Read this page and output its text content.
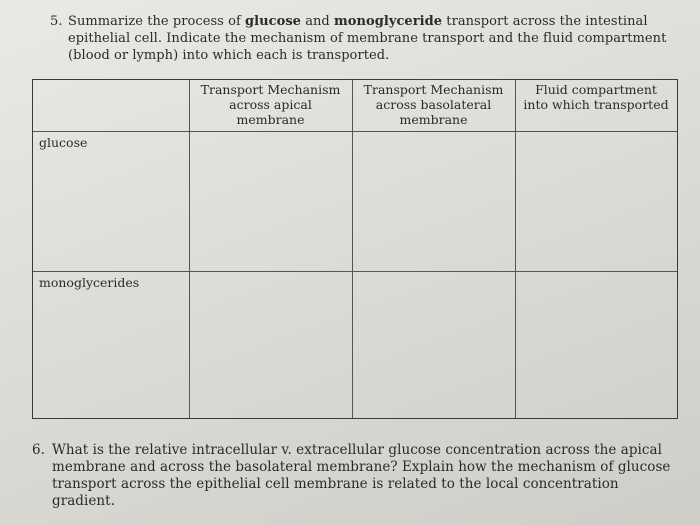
5. Summarize the process of glucose and monoglyceride transport across the intestinal epithelial cell. Indicate the mechanism of membrane transport and the fluid compartment (blood or lymph) into which each is transported.
Transport Mechanism
across apical
membrane
Transport Mechanism
across basolateral
membrane
Fluid compartment
into which transported
glucose
monoglycerides
6. What is the relative intracellular v. extracellular glucose concentration across the apical membrane and across the basolateral membrane? Explain how the mechanism of glucose transport across the epithelial cell membrane is related to the local concentration gradient.
